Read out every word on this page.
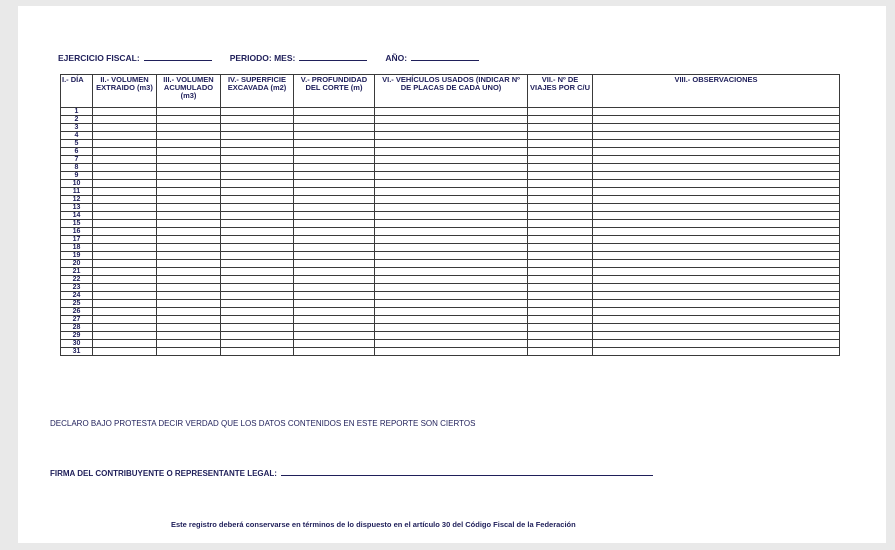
EJERCICIO FISCAL:	PERIODO: MES:	AÑO:
I.- DÍA	II.- VOLUMEN EXTRAIDO (m3)	III.- VOLUMEN ACUMULADO (m3)	IV.- SUPERFICIE EXCAVADA (m2)	V.- PROFUNDIDAD DEL CORTE (m)	VI.- VEHÍCULOS USADOS (INDICAR Nº DE PLACAS DE CADA UNO)	VII.- Nº DE VIAJES POR C/U	VIII.- OBSERVACIONES
1							
2							
3							
4							
5							
6							
7							
8							
9							
10							
11							
12							
13							
14							
15							
16							
17							
18							
19							
20							
21							
22							
23							
24							
25							
26							
27							
28							
29							
30							
31							
DECLARO BAJO PROTESTA DECIR VERDAD QUE LOS DATOS CONTENIDOS EN ESTE REPORTE SON CIERTOS
FIRMA DEL CONTRIBUYENTE O REPRESENTANTE LEGAL:
Este registro deberá conservarse en términos de lo dispuesto en el artículo 30 del Código Fiscal de la Federación
